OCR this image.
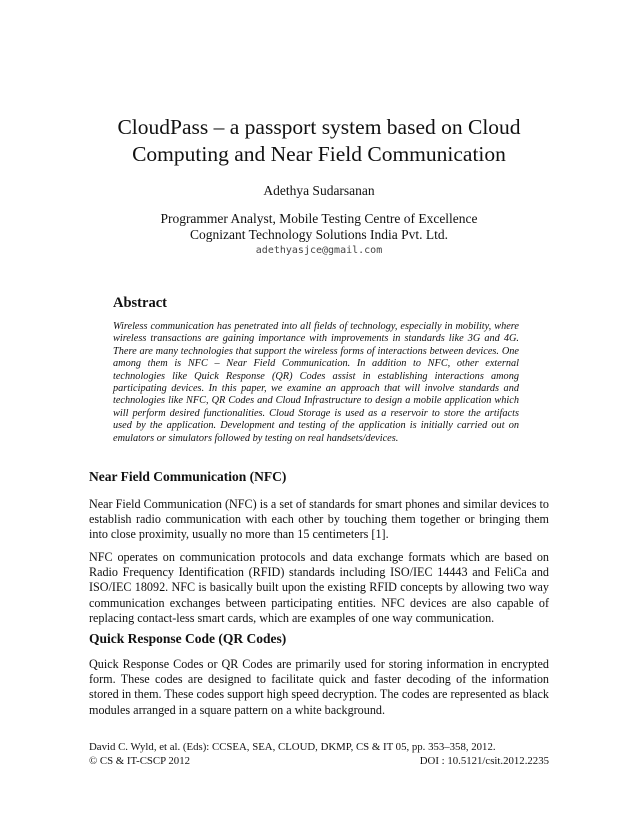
CloudPass – a passport system based on Cloud
Computing and Near Field Communication
Adethya Sudarsanan
Programmer Analyst, Mobile Testing Centre of Excellence
Cognizant Technology Solutions India Pvt. Ltd.
adethyasjce@gmail.com
Abstract

Wireless communication has penetrated into all fields of technology, especially in mobility, where wireless transactions are gaining importance with improvements in standards like 3G and 4G. There are many technologies that support the wireless forms of interactions between devices. One among them is NFC – Near Field Communication. In addition to NFC, other external technologies like Quick Response (QR) Codes assist in establishing interactions among participating devices. In this paper, we examine an approach that will involve standards and technologies like NFC, QR Codes and Cloud Infrastructure to design a mobile application which will perform desired functionalities. Cloud Storage is used as a reservoir to store the artifacts used by the application. Development and testing of the application is initially carried out on emulators or simulators followed by testing on real handsets/devices.

Near Field Communication (NFC)

Near Field Communication (NFC) is a set of standards for smart phones and similar devices to establish radio communication with each other by touching them together or bringing them into close proximity, usually no more than 15 centimeters [1].

NFC operates on communication protocols and data exchange formats which are based on Radio Frequency Identification (RFID) standards including ISO/IEC 14443 and FeliCa and ISO/IEC 18092. NFC is basically built upon the existing RFID concepts by allowing two way communication exchanges between participating entities. NFC devices are also capable of replacing contact-less smart cards, which are examples of one way communication.

Quick Response Code (QR Codes)

Quick Response Codes or QR Codes are primarily used for storing information in encrypted form. These codes are designed to facilitate quick and faster decoding of the information stored in them. These codes support high speed decryption. The codes are represented as black modules arranged in a square pattern on a white background.

David C. Wyld, et al. (Eds): CCSEA, SEA, CLOUD, DKMP, CS & IT 05, pp. 353–358, 2012.
© CS & IT-CSCP 2012	DOI : 10.5121/csit.2012.2235
